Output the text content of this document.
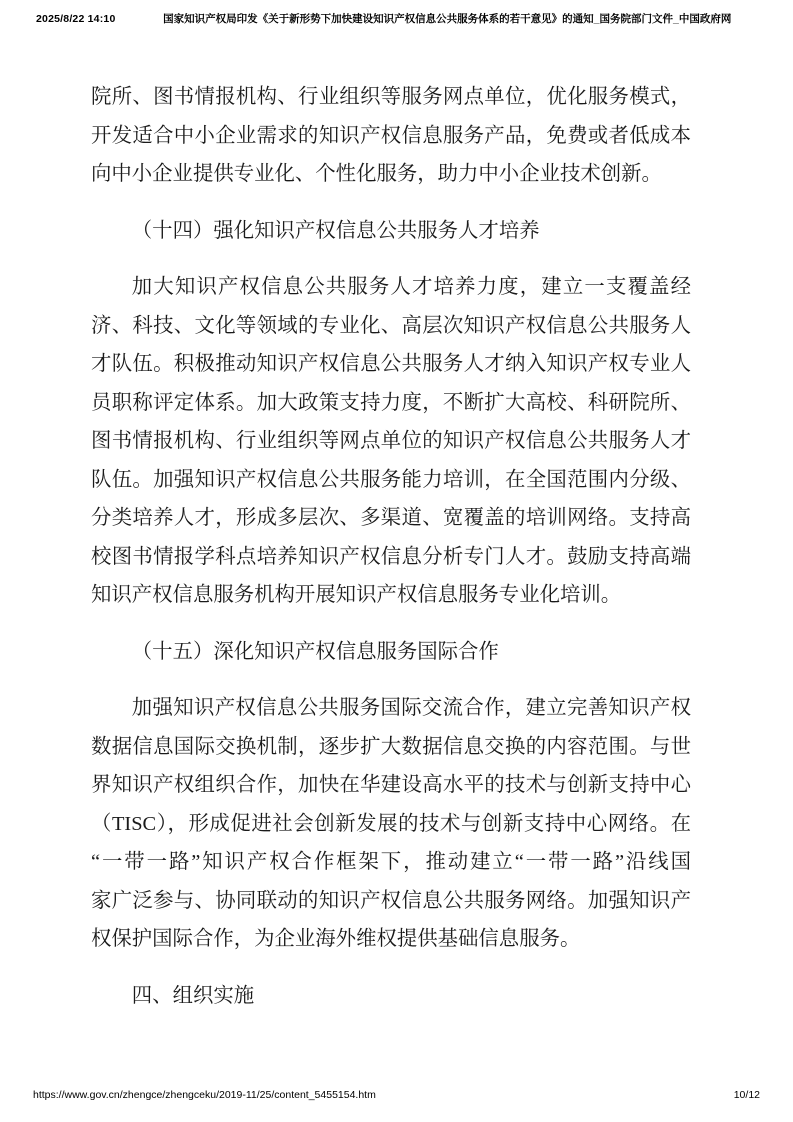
2025/8/22 14:10	国家知识产权局印发《关于新形势下加快建设知识产权信息公共服务体系的若干意见》的通知_国务院部门文件_中国政府网
院所、图书情报机构、行业组织等服务网点单位，优化服务模式，
开发适合中小企业需求的知识产权信息服务产品，免费或者低成本
向中小企业提供专业化、个性化服务，助力中小企业技术创新。
（十四）强化知识产权信息公共服务人才培养
加大知识产权信息公共服务人才培养力度，建立一支覆盖经
济、科技、文化等领域的专业化、高层次知识产权信息公共服务人
才队伍。积极推动知识产权信息公共服务人才纳入知识产权专业人
员职称评定体系。加大政策支持力度，不断扩大高校、科研院所、
图书情报机构、行业组织等网点单位的知识产权信息公共服务人才
队伍。加强知识产权信息公共服务能力培训，在全国范围内分级、
分类培养人才，形成多层次、多渠道、宽覆盖的培训网络。支持高
校图书情报学科点培养知识产权信息分析专门人才。鼓励支持高端
知识产权信息服务机构开展知识产权信息服务专业化培训。
（十五）深化知识产权信息服务国际合作
加强知识产权信息公共服务国际交流合作，建立完善知识产权
数据信息国际交换机制，逐步扩大数据信息交换的内容范围。与世
界知识产权组织合作，加快在华建设高水平的技术与创新支持中心
（TISC），形成促进社会创新发展的技术与创新支持中心网络。在
“一带一路”知识产权合作框架下，推动建立“一带一路”沿线国
家广泛参与、协同联动的知识产权信息公共服务网络。加强知识产
权保护国际合作，为企业海外维权提供基础信息服务。
四、组织实施
https://www.gov.cn/zhengce/zhengceku/2019-11/25/content_5455154.htm	10/12
